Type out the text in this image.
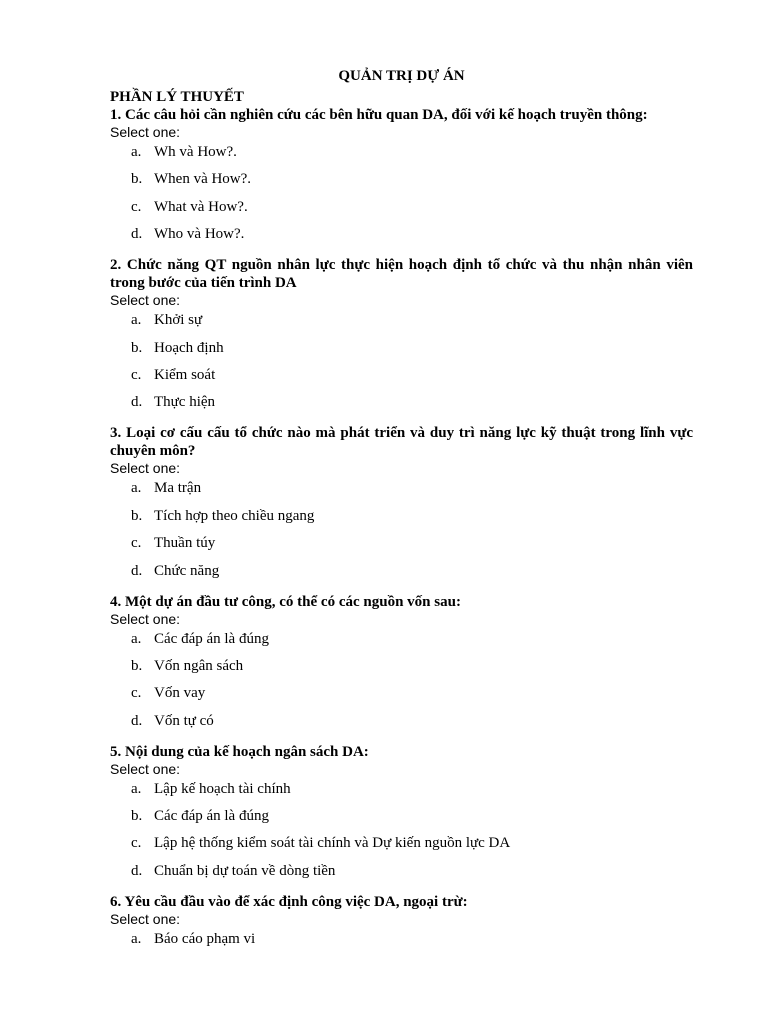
QUẢN TRỊ DỰ ÁN
PHẦN LÝ THUYẾT

1. Các câu hỏi cần nghiên cứu các bên hữu quan DA, đối với kế hoạch truyền thông:

Select one:

a. Wh và How?.
b. When và How?.
c. What và How?.
d. Who và How?.

2. Chức năng QT nguồn nhân lực thực hiện hoạch định tổ chức và thu nhận nhân viên trong bước của tiến trình DA

Select one:

a. Khởi sự
b. Hoạch định
c. Kiểm soát
d. Thực hiện

3. Loại cơ cấu cấu tổ chức nào mà phát triển và duy trì năng lực kỹ thuật trong lĩnh vực chuyên môn?

Select one:

a. Ma trận
b. Tích hợp theo chiều ngang
c. Thuần túy
d. Chức năng

4. Một dự án đầu tư công, có thể có các nguồn vốn sau:

Select one:

a. Các đáp án là đúng
b. Vốn ngân sách
c. Vốn vay
d. Vốn tự có

5. Nội dung của kế hoạch ngân sách DA:

Select one:

a. Lập kế hoạch tài chính
b. Các đáp án là đúng
c. Lập hệ thống kiểm soát tài chính và Dự kiến nguồn lực DA
d. Chuẩn bị dự toán về dòng tiền

6. Yêu cầu đầu vào để xác định công việc DA, ngoại trừ:

Select one:

a. Báo cáo phạm vi
